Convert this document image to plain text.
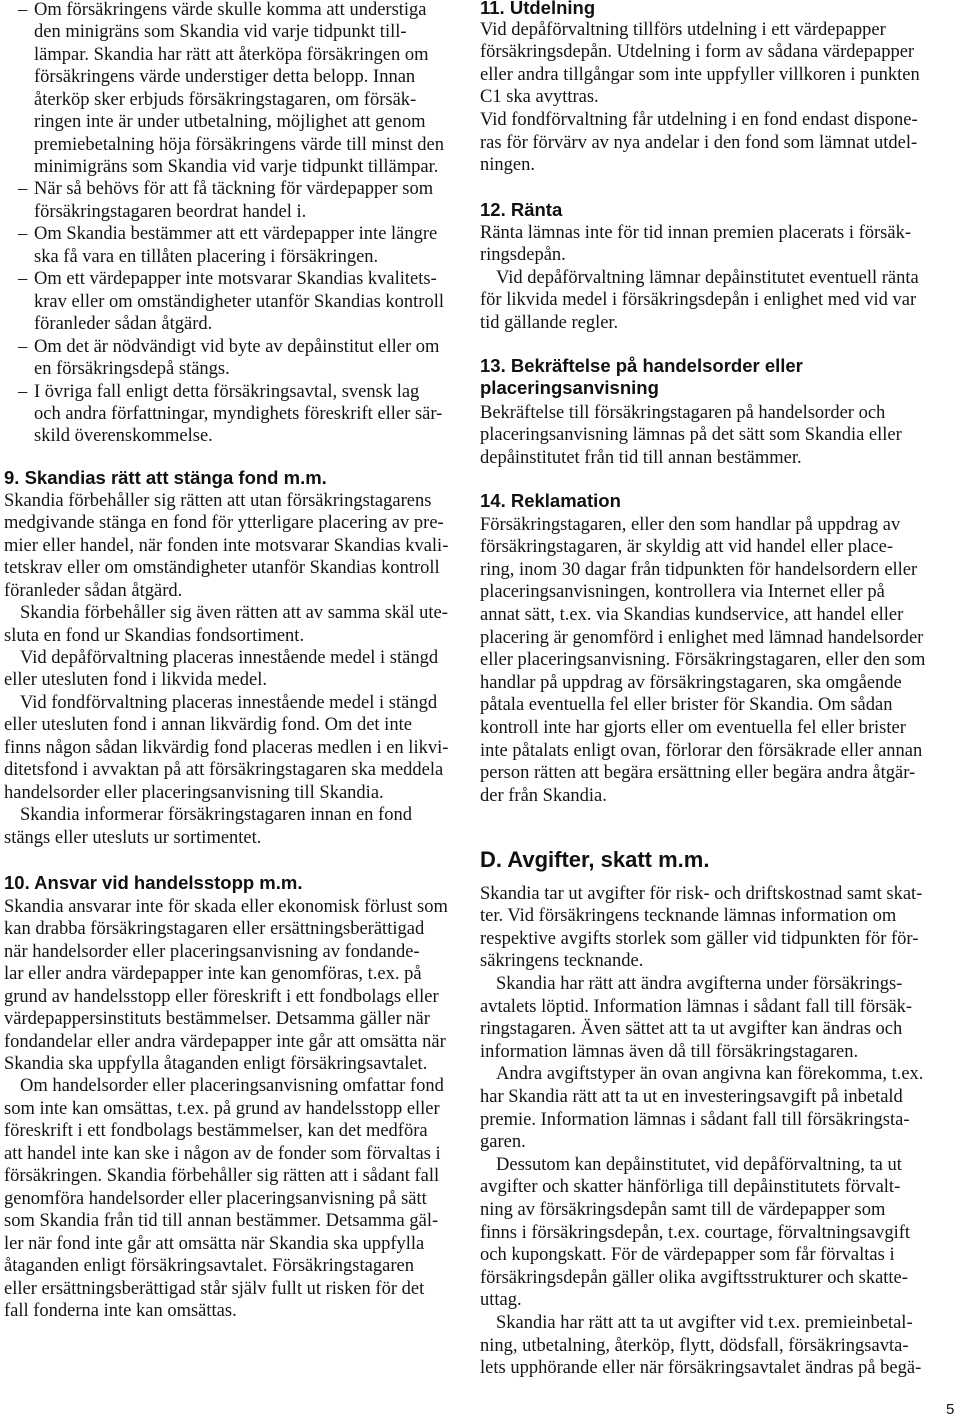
– Om försäkringens värde skulle komma att understiga
den minigräns som Skandia vid varje tidpunkt till-
lämpar. Skandia har rätt att återköpa försäkringen om
försäkringens värde understiger detta belopp. Innan
återköp sker erbjuds försäkringstagaren, om försäk-
ringen inte är under utbetalning, möjlighet att genom
premiebetalning höja försäkringens värde till minst den
minimigräns som Skandia vid varje tidpunkt tillämpar.
– När så behövs för att få täckning för värdepapper som
försäkringstagaren beordrat handel i.
– Om Skandia bestämmer att ett värdepapper inte längre
ska få vara en tillåten placering i försäkringen.
– Om ett värdepapper inte motsvarar Skandias kvalitets-
krav eller om omständigheter utanför Skandias kontroll
föranleder sådan åtgärd.
– Om det är nödvändigt vid byte av depåinstitut eller om
en försäkringsdepå stängs.
– I övriga fall enligt detta försäkringsavtal, svensk lag
och andra författningar, myndighets föreskrift eller sär-
skild överenskommelse.
9. Skandias rätt att stänga fond m.m.
Skandia förbehåller sig rätten att utan försäkringstagarens
medgivande stänga en fond för ytterligare placering av pre-
mier eller handel, när fonden inte motsvarar Skandias kvali-
tetskrav eller om omständigheter utanför Skandias kontroll
föranleder sådan åtgärd.
Skandia förbehåller sig även rätten att av samma skäl ute-
sluta en fond ur Skandias fondsortiment.
Vid depåförvaltning placeras innestående medel i stängd
eller utesluten fond i likvida medel.
Vid fondförvaltning placeras innestående medel i stängd
eller utesluten fond i annan likvärdig fond. Om det inte
finns någon sådan likvärdig fond placeras medlen i en likvi-
ditetsfond i avvaktan på att försäkringstagaren ska meddela
handelsorder eller placeringsanvisning till Skandia.
Skandia informerar försäkringstagaren innan en fond
stängs eller utesluts ur sortimentet.
10. Ansvar vid handelsstopp m.m.
Skandia ansvarar inte för skada eller ekonomisk förlust som
kan drabba försäkringstagaren eller ersättningsberättigad
när handelsorder eller placeringsanvisning av fondande-
lar eller andra värdepapper inte kan genomföras, t.ex. på
grund av handelsstopp eller föreskrift i ett fondbolags eller
värdepappersinstituts bestämmelser. Detsamma gäller när
fondandelar eller andra värdepapper inte går att omsätta när
Skandia ska uppfylla åtaganden enligt försäkringsavtalet.
Om handelsorder eller placeringsanvisning omfattar fond
som inte kan omsättas, t.ex. på grund av handelsstopp eller
föreskrift i ett fondbolags bestämmelser, kan det medföra
att handel inte kan ske i någon av de fonder som förvaltas i
försäkringen. Skandia förbehåller sig rätten att i sådant fall
genomföra handelsorder eller placeringsanvisning på sätt
som Skandia från tid till annan bestämmer. Detsamma gäl-
ler när fond inte går att omsätta när Skandia ska uppfylla
åtaganden enligt försäkringsavtalet. Försäkringstagaren
eller ersättningsberättigad står själv fullt ut risken för det
fall fonderna inte kan omsättas.
11. Utdelning
Vid depåförvaltning tillförs utdelning i ett värdepapper
försäkringsdepån. Utdelning i form av sådana värdepapper
eller andra tillgångar som inte uppfyller villkoren i punkten
C1 ska avyttras.
Vid fondförvaltning får utdelning i en fond endast dispone-
ras för förvärv av nya andelar i den fond som lämnat utdel-
ningen.
12. Ränta
Ränta lämnas inte för tid innan premien placerats i försäk-
ringsdepån.
Vid depåförvaltning lämnar depåinstitutet eventuell ränta
för likvida medel i försäkringsdepån i enlighet med vid var
tid gällande regler.
13. Bekräftelse på handelsorder eller
placeringsanvisning
Bekräftelse till försäkringstagaren på handelsorder och
placeringsanvisning lämnas på det sätt som Skandia eller
depåinstitutet från tid till annan bestämmer.
14. Reklamation
Försäkringstagaren, eller den som handlar på uppdrag av
försäkringstagaren, är skyldig att vid handel eller place-
ring, inom 30 dagar från tidpunkten för handelsordern eller
placeringsanvisningen, kontrollera via Internet eller på
annat sätt, t.ex. via Skandias kundservice, att handel eller
placering är genomförd i enlighet med lämnad handelsorder
eller placeringsanvisning. Försäkringstagaren, eller den som
handlar på uppdrag av försäkringstagaren, ska omgående
påtala eventuella fel eller brister för Skandia. Om sådan
kontroll inte har gjorts eller om eventuella fel eller brister
inte påtalats enligt ovan, förlorar den försäkrade eller annan
person rätten att begära ersättning eller begära andra åtgär-
der från Skandia.
D. Avgifter, skatt m.m.
Skandia tar ut avgifter för risk- och driftskostnad samt skat-
ter. Vid försäkringens tecknande lämnas information om
respektive avgifts storlek som gäller vid tidpunkten för för-
säkringens tecknande.
Skandia har rätt att ändra avgifterna under försäkrings-
avtalets löptid. Information lämnas i sådant fall till försäk-
ringstagaren. Även sättet att ta ut avgifter kan ändras och
information lämnas även då till försäkringstagaren.
Andra avgiftstyper än ovan angivna kan förekomma, t.ex.
har Skandia rätt att ta ut en investeringsavgift på inbetald
premie. Information lämnas i sådant fall till försäkringsta-
garen.
Dessutom kan depåinstitutet, vid depåförvaltning, ta ut
avgifter och skatter hänförliga till depåinstitutets förvalt-
ning av försäkringsdepån samt till de värdepapper som
finns i försäkringsdepån, t.ex. courtage, förvaltningsavgift
och kupongskatt. För de värdepapper som får förvaltas i
försäkringsdepån gäller olika avgiftsstrukturer och skatte-
uttag.
Skandia har rätt att ta ut avgifter vid t.ex. premieinbetal-
ning, utbetalning, återköp, flytt, dödsfall, försäkringsavta-
lets upphörande eller när försäkringsavtalet ändras på begä-
5
